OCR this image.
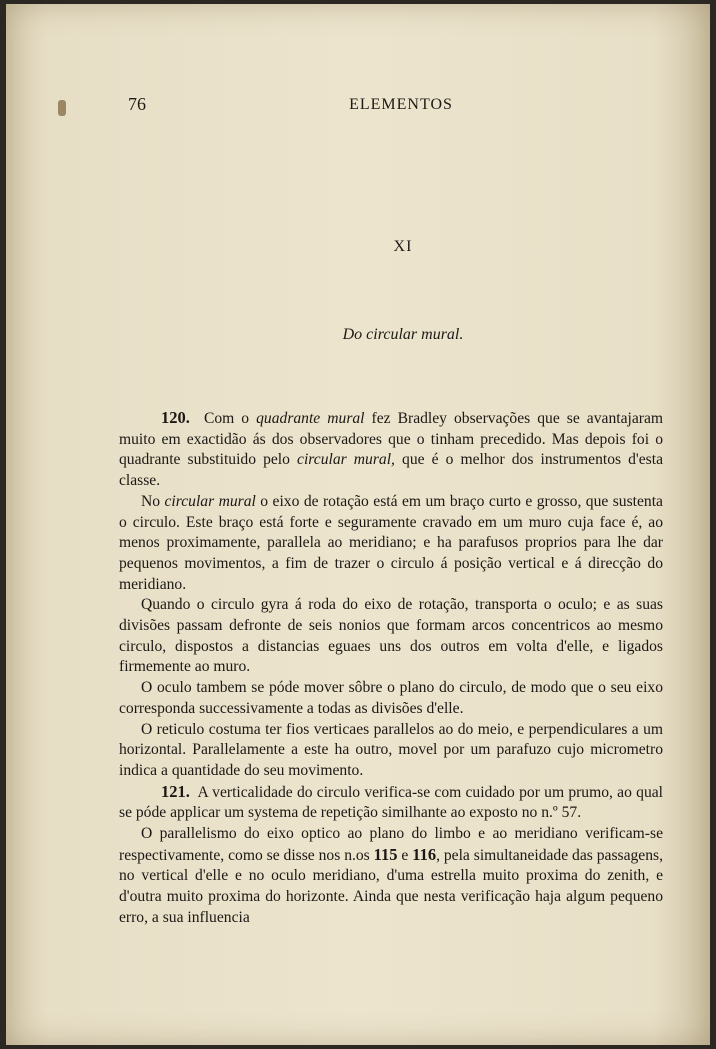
76	ELEMENTOS
XI
Do circular mural.

120. Com o quadrante mural fez Bradley observações que se avantajaram muito em exactidão ás dos observadores que o tinham precedido. Mas depois foi o quadrante substituido pelo circular mural, que é o melhor dos instrumentos d'esta classe.

No circular mural o eixo de rotação está em um braço curto e grosso, que sustenta o circulo. Este braço está forte e seguramente cravado em um muro cuja face é, ao menos proximamente, parallela ao meridiano; e ha parafusos proprios para lhe dar pequenos movimentos, a fim de trazer o circulo á posição vertical e á direcção do meridiano.

Quando o circulo gyra á roda do eixo de rotação, transporta o oculo; e as suas divisões passam defronte de seis nonios que formam arcos concentricos ao mesmo circulo, dispostos a distancias eguaes uns dos outros em volta d'elle, e ligados firmemente ao muro.

O oculo tambem se póde mover sôbre o plano do circulo, de modo que o seu eixo corresponda successivamente a todas as divisões d'elle.

O reticulo costuma ter fios verticaes parallelos ao do meio, e perpendiculares a um horizontal. Parallelamente a este ha outro, movel por um parafuzo cujo micrometro indica a quantidade do seu movimento.

121. A verticalidade do circulo verifica-se com cuidado por um prumo, ao qual se póde applicar um systema de repetição similhante ao exposto no n.º 57.

O parallelismo do eixo optico ao plano do limbo e ao meridiano verificam-se respectivamente, como se disse nos n.os 115 e 116, pela simultaneidade das passagens, no vertical d'elle e no oculo meridiano, d'uma estrella muito proxima do zenith, e d'outra muito proxima do horizonte. Ainda que nesta verificação haja algum pequeno erro, a sua influencia
